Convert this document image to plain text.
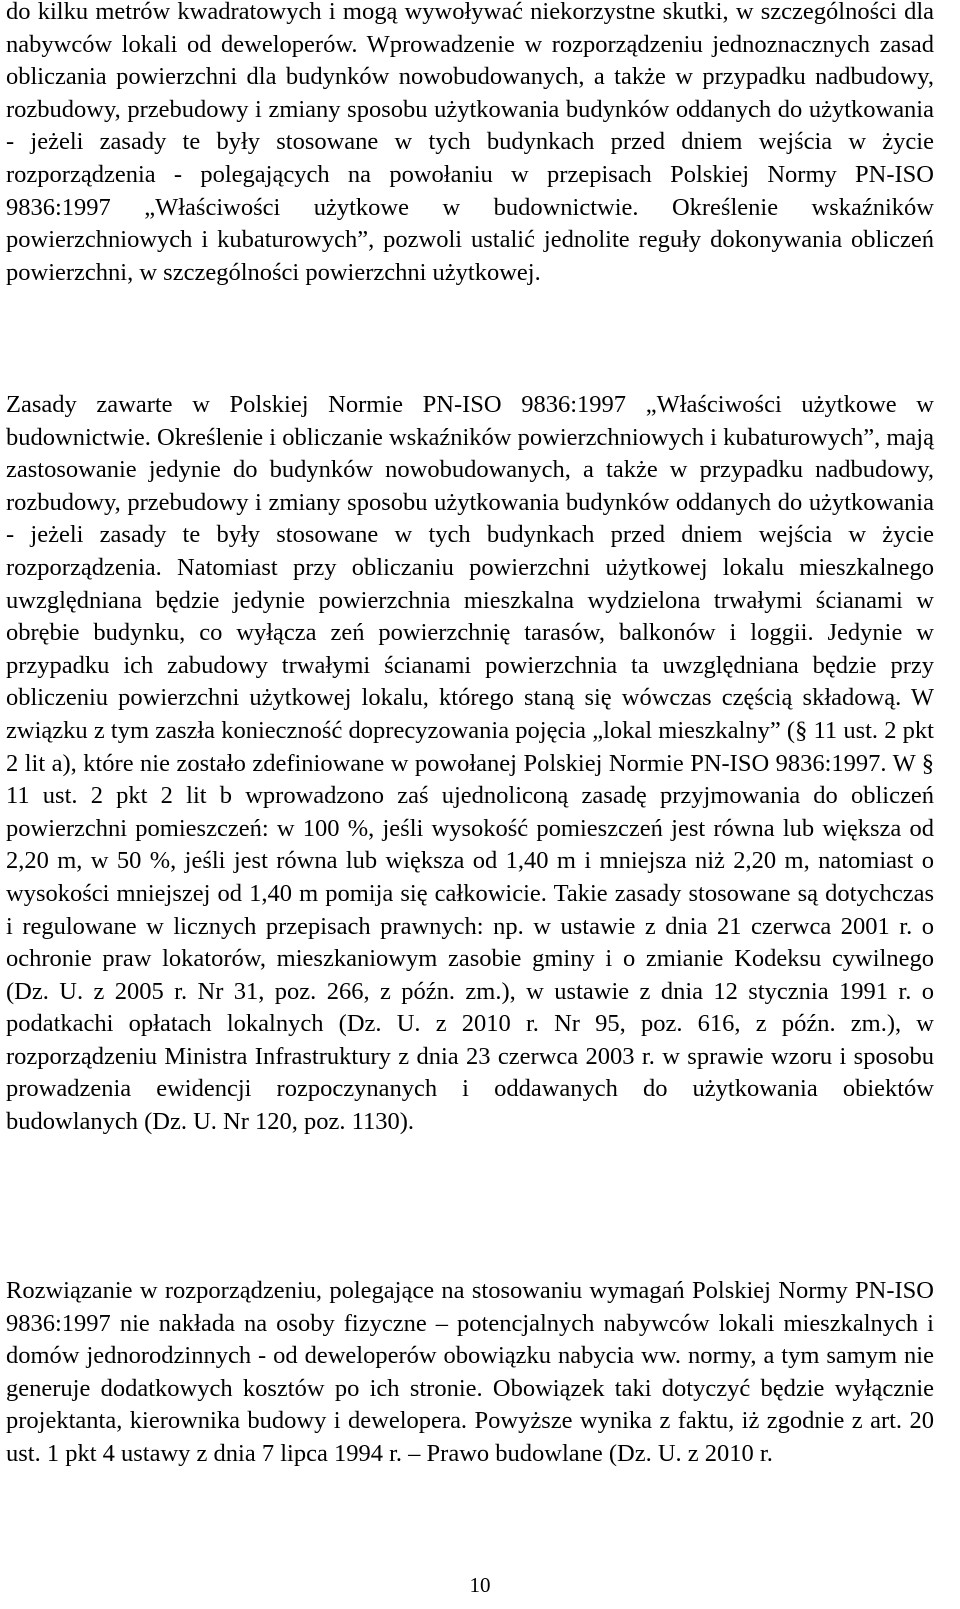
do kilku metrów kwadratowych i mogą wywoływać niekorzystne skutki, w szczególności dla nabywców lokali od deweloperów. Wprowadzenie w rozporządzeniu jednoznacznych zasad obliczania powierzchni dla budynków nowobudowanych, a także w przypadku nadbudowy, rozbudowy, przebudowy i zmiany sposobu użytkowania budynków oddanych do użytkowania - jeżeli zasady te były stosowane w tych budynkach przed dniem wejścia w życie rozporządzenia - polegających na powołaniu w przepisach Polskiej Normy PN-ISO 9836:1997 „Właściwości użytkowe w budownictwie. Określenie wskaźników powierzchniowych i kubaturowych”, pozwoli ustalić jednolite reguły dokonywania obliczeń powierzchni, w szczególności powierzchni użytkowej.

Zasady zawarte w Polskiej Normie PN-ISO 9836:1997 „Właściwości użytkowe w budownictwie. Określenie i obliczanie wskaźników powierzchniowych i kubaturowych”, mają zastosowanie jedynie do budynków nowobudowanych, a także w przypadku nadbudowy, rozbudowy, przebudowy i zmiany sposobu użytkowania budynków oddanych do użytkowania - jeżeli zasady te były stosowane w tych budynkach przed dniem wejścia w życie rozporządzenia. Natomiast przy obliczaniu powierzchni użytkowej lokalu mieszkalnego uwzględniana będzie jedynie powierzchnia mieszkalna wydzielona trwałymi ścianami w obrębie budynku, co wyłącza zeń powierzchnię tarasów, balkonów i loggii. Jedynie w przypadku ich zabudowy trwałymi ścianami powierzchnia ta uwzględniana będzie przy obliczeniu powierzchni użytkowej lokalu, którego staną się wówczas częścią składową. W związku z tym zaszła konieczność doprecyzowania pojęcia „lokal mieszkalny” (§ 11 ust. 2 pkt 2 lit a), które nie zostało zdefiniowane w powołanej Polskiej Normie PN-ISO 9836:1997. W § 11 ust. 2 pkt 2 lit b wprowadzono zaś ujednoliconą zasadę przyjmowania do obliczeń powierzchni pomieszczeń: w 100 %, jeśli wysokość pomieszczeń jest równa lub większa od 2,20 m, w 50 %, jeśli jest równa lub większa od 1,40 m i mniejsza niż 2,20 m, natomiast o wysokości mniejszej od 1,40 m pomija się całkowicie. Takie zasady stosowane są dotychczas i regulowane w licznych przepisach prawnych: np. w ustawie z dnia 21 czerwca 2001 r. o ochronie praw lokatorów, mieszkaniowym zasobie gminy i o zmianie Kodeksu cywilnego (Dz. U. z 2005 r. Nr 31, poz. 266, z późn. zm.), w ustawie z dnia 12 stycznia 1991 r. o podatkachi opłatach lokalnych (Dz. U. z 2010 r. Nr 95, poz. 616, z późn. zm.), w rozporządzeniu Ministra Infrastruktury z dnia 23 czerwca 2003 r. w sprawie wzoru i sposobu prowadzenia ewidencji rozpoczynanych i oddawanych do użytkowania obiektów budowlanych (Dz. U. Nr 120, poz. 1130).

Rozwiązanie w rozporządzeniu, polegające na stosowaniu wymagań Polskiej Normy PN-ISO 9836:1997 nie nakłada na osoby fizyczne – potencjalnych nabywców lokali mieszkalnych i domów jednorodzinnych - od deweloperów obowiązku nabycia ww. normy, a tym samym nie generuje dodatkowych kosztów po ich stronie. Obowiązek taki dotyczyć będzie wyłącznie projektanta, kierownika budowy i dewelopera. Powyższe wynika z faktu, iż zgodnie z art. 20 ust. 1 pkt 4 ustawy z dnia 7 lipca 1994 r. – Prawo budowlane (Dz. U. z 2010 r.

10
